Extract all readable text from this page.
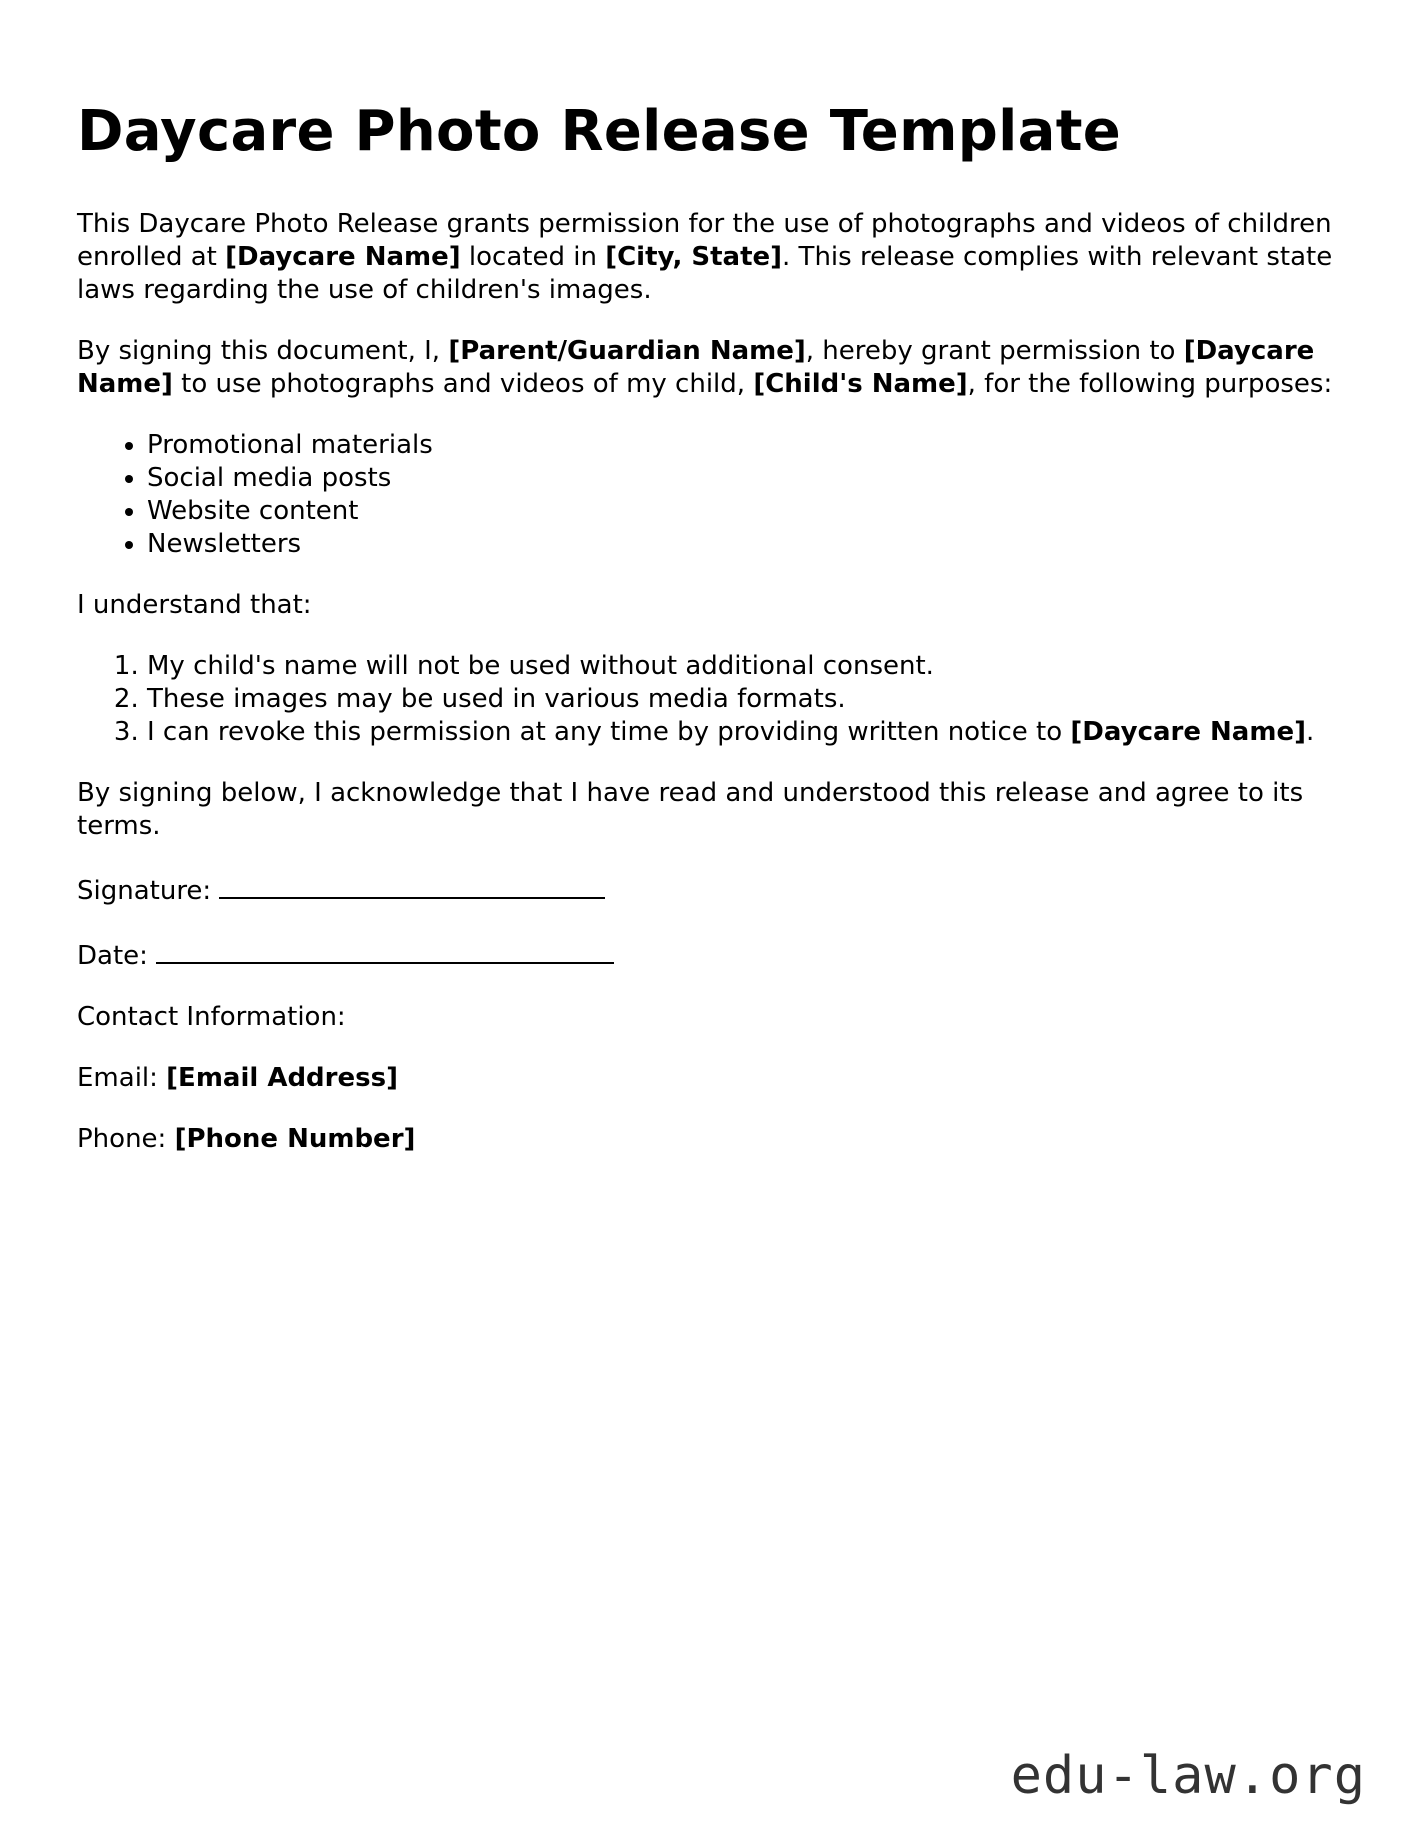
Daycare Photo Release Template

This Daycare Photo Release grants permission for the use of photographs and videos of children enrolled at [Daycare Name] located in [City, State]. This release complies with relevant state laws regarding the use of children's images.

By signing this document, I, [Parent/Guardian Name], hereby grant permission to [Daycare Name] to use photographs and videos of my child, [Child's Name], for the following purposes:

• Promotional materials
• Social media posts
• Website content
• Newsletters

I understand that:

1. My child's name will not be used without additional consent.
2. These images may be used in various media formats.
3. I can revoke this permission at any time by providing written notice to [Daycare Name].

By signing below, I acknowledge that I have read and understood this release and agree to its terms.

Signature:

Date:

Contact Information:

Email: [Email Address]

Phone: [Phone Number]

edu-law.org
